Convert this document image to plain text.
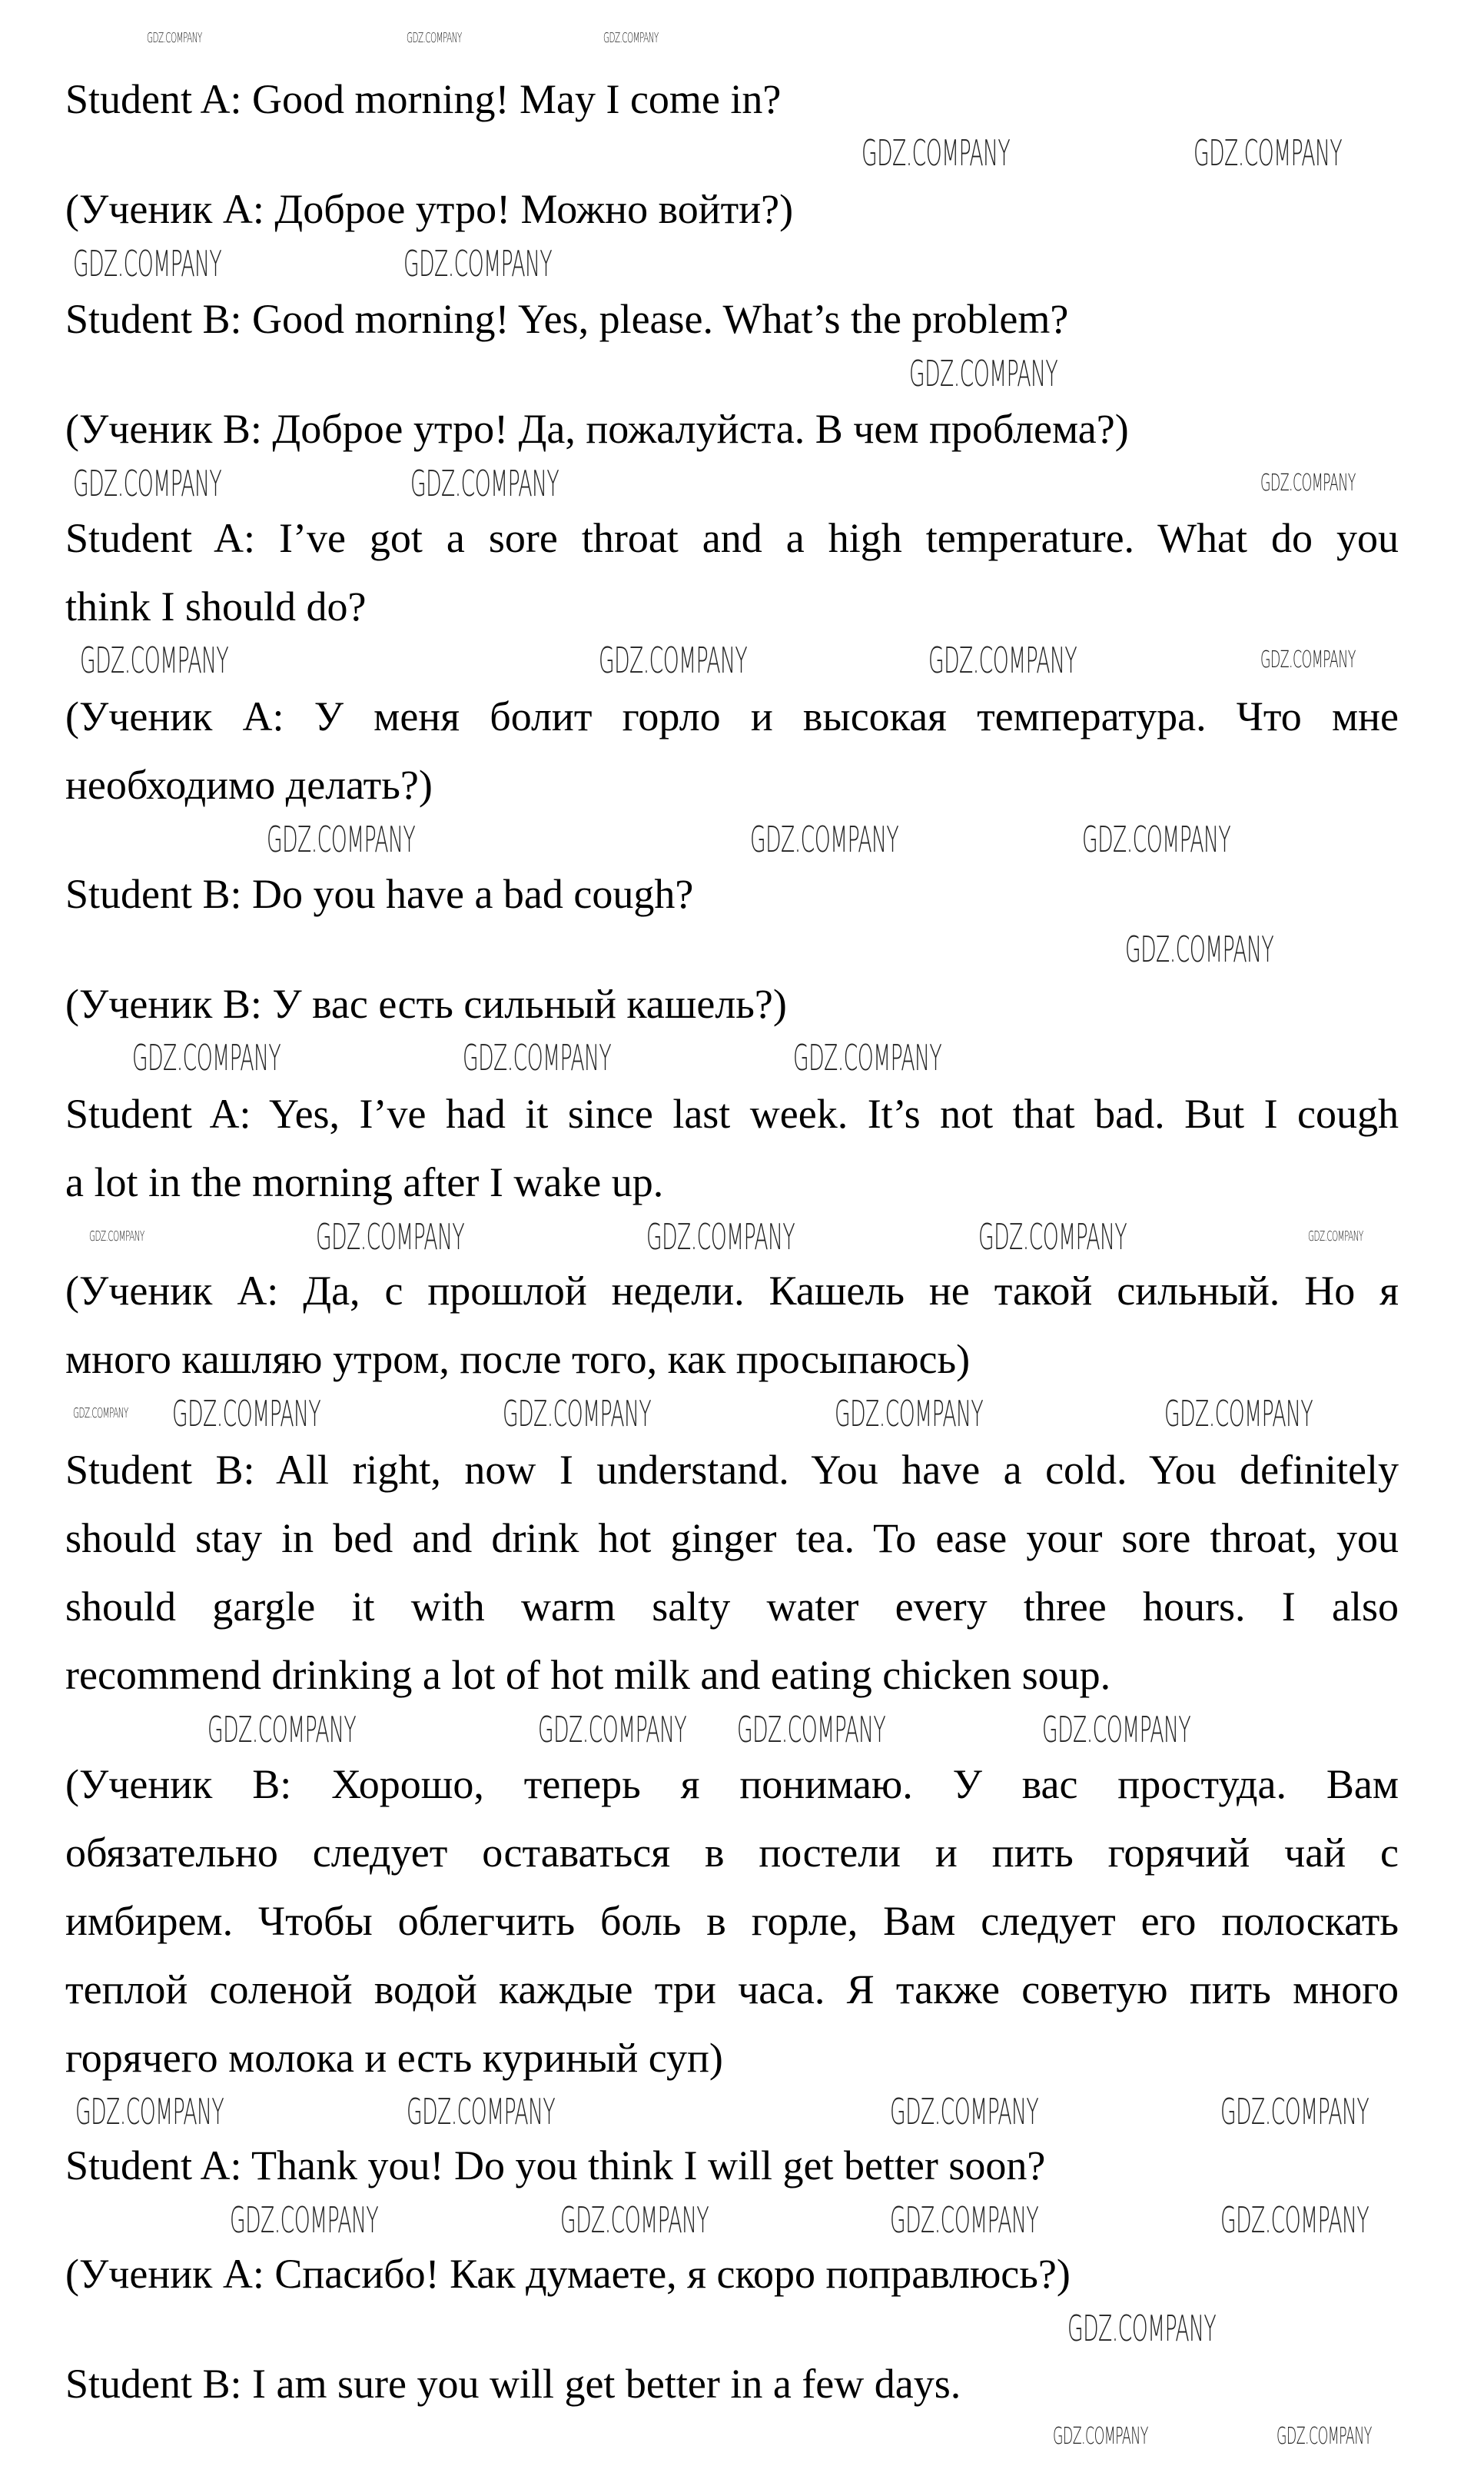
Student A: Good morning! May I come in?
(Ученик А: Доброе утро! Можно войти?)
Student B: Good morning! Yes, please. What’s the problem?
(Ученик В: Доброе утро! Да, пожалуйста. В чем проблема?)
Student A: I’ve got a sore throat and a high temperature. What do you
think I should do?
(Ученик А: У меня болит горло и высокая температура. Что мне
необходимо делать?)
Student B: Do you have a bad cough?
(Ученик В: У вас есть сильный кашель?)
Student A: Yes, I’ve had it since last week. It’s not that bad. But I cough
a lot in the morning after I wake up.
(Ученик А: Да, с прошлой недели. Кашель не такой сильный. Но я
много кашляю утром, после того, как просыпаюсь)
Student B: All right, now I understand. You have a cold. You definitely
should stay in bed and drink hot ginger tea. To ease your sore throat, you
should gargle it with warm salty water every three hours. I also
recommend drinking a lot of hot milk and eating chicken soup.
(Ученик В: Хорошо, теперь я понимаю. У вас простуда. Вам
обязательно следует оставаться в постели и пить горячий чай с
имбирем. Чтобы облегчить боль в горле, Вам следует его полоскать
теплой соленой водой каждые три часа. Я также советую пить много
горячего молока и есть куриный суп)
Student A: Thank you! Do you think I will get better soon?
(Ученик А: Спасибо! Как думаете, я скоро поправлюсь?)
Student B: I am sure you will get better in a few days.
GDZ.COMPANY	GDZ.COMPANY	GDZ.COMPANY
GDZ.COMPANY	GDZ.COMPANY
GDZ.COMPANY	GDZ.COMPANY
GDZ.COMPANY
GDZ.COMPANY	GDZ.COMPANY	GDZ.COMPANY
GDZ.COMPANY	GDZ.COMPANY
GDZ.COMPANY	GDZ.COMPANY
GDZ.COMPANY
GDZ.COMPANY	GDZ.COMPANY
GDZ.COMPANY
GDZ.COMPANY	GDZ.COMPANY	GDZ.COMPANY
GDZ.COMPANY
GDZ.COMPANY	GDZ.COMPANY	GDZ.COMPANY	GDZ.COMPANY
GDZ.COMPANY	GDZ.COMPANY	GDZ.COMPANY	GDZ.COMPANY
GDZ.COMPANY
GDZ.COMPANY	GDZ.COMPANY GDZ.COMPANY	GDZ.COMPANY
GDZ.COMPANY	GDZ.COMPANY	GDZ.COMPANY	GDZ.COMPANY
GDZ.COMPANY	GDZ.COMPANY	GDZ.COMPANY	GDZ.COMPANY
GDZ.COMPANY
GDZ.COMPANY	GDZ.COMPANY
